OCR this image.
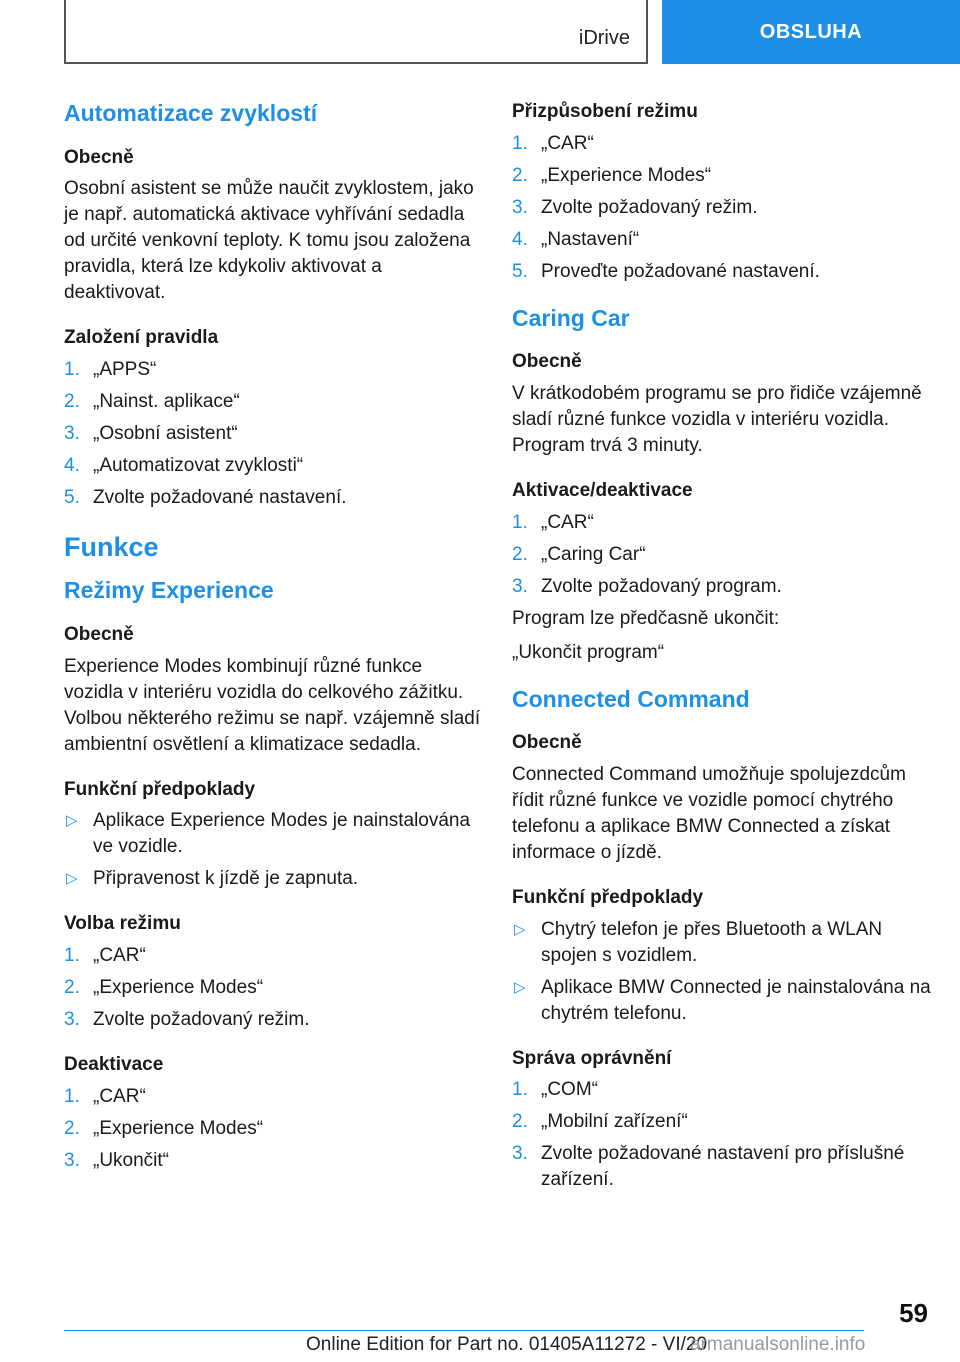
iDrive	OBSLUHA
Automatizace zvyklostí
Obecně
Osobní asistent se může naučit zvyklostem, jako je např. automatická aktivace vyhřívání sedadla od určité venkovní teploty. K tomu jsou založena pravidla, která lze kdykoliv aktivovat a deaktivovat.
Založení pravidla
1. „APPS“
2. „Nainst. aplikace“
3. „Osobní asistent“
4. „Automatizovat zvyklosti“
5. Zvolte požadované nastavení.
Funkce
Režimy Experience
Obecně
Experience Modes kombinují různé funkce vozidla v interiéru vozidla do celkového zážitku. Volbou některého režimu se např. vzájemně sladí ambientní osvětlení a klimatizace sedadla.
Funkční předpoklady
▷ Aplikace Experience Modes je nainstalována ve vozidle.
▷ Připravenost k jízdě je zapnuta.
Volba režimu
1. „CAR“
2. „Experience Modes“
3. Zvolte požadovaný režim.
Deaktivace
1. „CAR“
2. „Experience Modes“
3. „Ukončit“
Přizpůsobení režimu
1. „CAR“
2. „Experience Modes“
3. Zvolte požadovaný režim.
4. „Nastavení“
5. Proveďte požadované nastavení.
Caring Car
Obecně
V krátkodobém programu se pro řidiče vzájemně sladí různé funkce vozidla v interiéru vozidla. Program trvá 3 minuty.
Aktivace/deaktivace
1. „CAR“
2. „Caring Car“
3. Zvolte požadovaný program.
Program lze předčasně ukončit:
„Ukončit program“
Connected Command
Obecně
Connected Command umožňuje spolujezdcům řídit různé funkce ve vozidle pomocí chytrého telefonu a aplikace BMW Connected a získat informace o jízdě.
Funkční předpoklady
▷ Chytrý telefon je přes Bluetooth a WLAN spojen s vozidlem.
▷ Aplikace BMW Connected je nainstalována na chytrém telefonu.
Správa oprávnění
1. „COM“
2. „Mobilní zařízení“
3. Zvolte požadované nastavení pro příslušné zařízení.
59
Online Edition for Part no. 01405A11272 - VI/20
armanualsonline.info
